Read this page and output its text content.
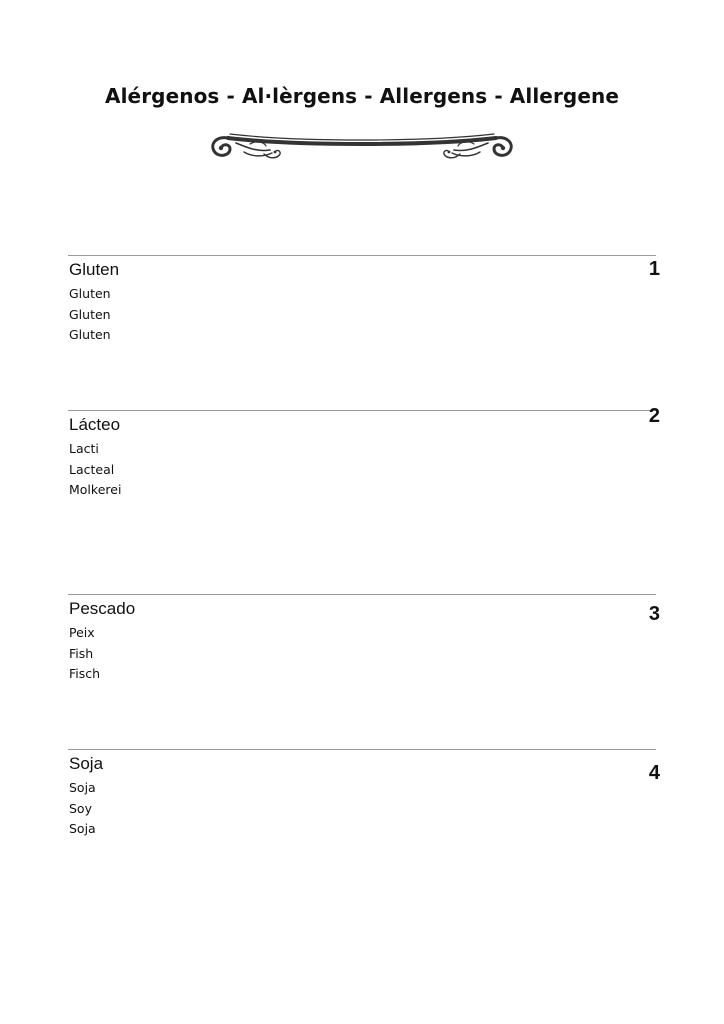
Alérgenos - Al·lèrgens - Allergens - Allergene
Gluten	1
Gluten
Gluten
Gluten
Lácteo	2
Lacti
Lacteal
Molkerei
Pescado	3
Peix
Fish
Fisch
Soja	4
Soja
Soy
Soja
